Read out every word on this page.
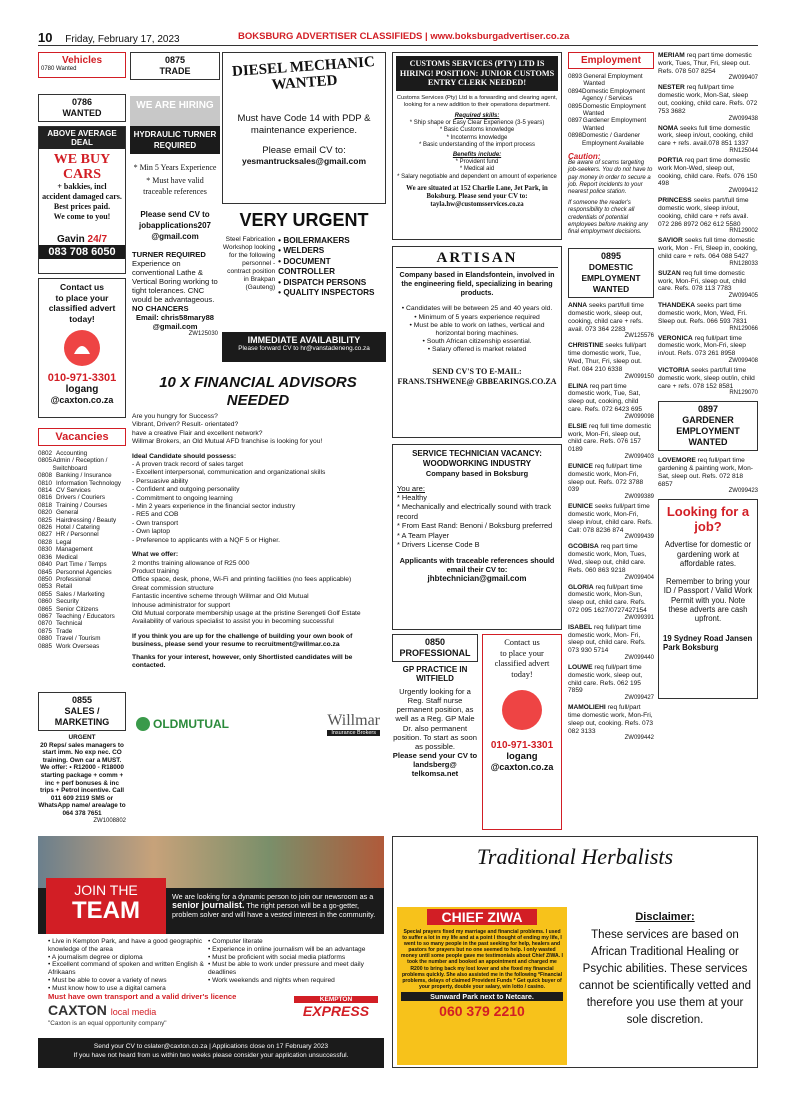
10 Friday, February 17, 2023	BOKSBURG ADVERTISER CLASSIFIEDS | www.boksburgadvertiser.co.za
Vehicles
0780 Wanted
0786
WANTED
ABOVE AVERAGE DEAL
WE BUY CARS
+ bakkies, incl
accident damaged cars.
Best prices paid.
We come to you!
Gavin
24/7
083 708 6050
Contact us
to place your
classified advert
today!
010-971-3301
logang
@caxton.co.za
Vacancies
0802 Accounting
0805 Admin / Reception / Switchboard
0808 Banking / Insurance
0810 Information Technology
0814 CV Services
0816 Drivers / Couriers
0818 Training / Courses
0820 General
0825 Hairdressing / Beauty
0826 Hotel / Catering
0827 HR / Personnel
0828 Legal
0830 Management
0836 Medical
0840 Part Time / Temps
0845 Personnel Agencies
0850 Professional
0853 Retail
0855 Sales / Marketing
0860 Security
0865 Senior Citizens
0867 Teaching / Educators
0870 Technical
0875 Trade
0880 Travel / Tourism
0885 Work Overseas
0855
SALES / MARKETING
URGENT
20 Reps/ sales managers to start imm. No exp nec. CO training. Own car a MUST. We offer: • R12000 - R18000 starting package + comm + inc + perf bonuses & inc trips + Petrol incentive. Call 011 609 2119 SMS or WhatsApp name/ area/age to 064 378 7651
ZW1008802
0875
TRADE
WE ARE HIRING
HYDRAULIC TURNER REQUIRED
* Min 5 Years Experience
* Must have valid traceable references
Please send CV to jobapplications207 @gmail.com
TURNER REQUIRED
Experience on conventional Lathe & Vertical Boring working to tight tolerances. CNC would be advantageous.
NO CHANCERS
Email: chris58mary88 @gmail.com
ZW125030
DIESEL MECHANIC WANTED
Must have Code 14 with PDP & maintenance experience.
Please email CV to:
yesmantrucksales@gmail.com
VERY URGENT
Steel Fabrication Workshop looking for the following personnel - contract position in Brakpan (Gauteng)
• BOILERMAKERS
• WELDERS
• DOCUMENT CONTROLLER
• DISPATCH PERSONS
• QUALITY INSPECTORS
IMMEDIATE AVAILABILITY
Please forward CV to hr@vanstadeneng.co.za
10 X FINANCIAL ADVISORS NEEDED
Are you hungry for Success?
Vibrant, Driven? Result- orientated?
have a creative Flair and excellent network?
Willmar Brokers, an Old Mutual AFD franchise is looking for you!
Ideal Candidate should possess:
- A proven track record of sales target
- Excellent interpersonal, communication and organizational skills
- Persuasive ability
- Confident and outgoing personality
- Commitment to ongoing learning
- Min 2 years experience in the financial sector industry
- RE5 and COB
- Own transport
- Own laptop
- Preference to applicants with a NQF 5 or Higher.
What we offer:
2 months training allowance of R25 000
Product training
Office space, desk, phone, Wi-Fi and printing facilities (no fees applicable)
Great commission structure
Fantastic incentive scheme through Willmar and Old Mutual
Inhouse administrator for support
Old Mutual corporate membership usage at the pristine Serengeti Golf Estate
Availability of various specialist to assist you in becoming successful
If you think you are up for the challenge of building your own book of business, please send your resume to recruitment@willmar.co.za
Thanks for your interest, however, only Shortlisted candidates will be contacted.
OLDMUTUAL	Willmar
Insurance Brokers
CUSTOMS SERVICES (PTY) LTD IS HIRING! POSITION: JUNIOR CUSTOMS ENTRY CLERK NEEDED!
Customs Services (Pty) Ltd is a forwarding and clearing agent, looking for a new addition to their operations department.
Required skills:
* Ship shape or Easy Clear Experience (3-5 years)
* Basic Customs knowledge
* Incoterms knowledge
* Basic understanding of the import process
Benefits include:
* Provident fund
* Medical aid
* Salary negotiable and dependent on amount of experience
We are situated at 152 Charlie Lane, Jet Park, in Boksburg. Please send your CV to: tayla.hw@customsservices.co.za
ARTISAN
Company based in Elandsfontein, involved in the engineering field, specializing in bearing products.
• Candidates will be between 25 and 40 years old.
• Minimum of 5 years experience required
• Must be able to work on lathes, vertical and horizontal boring machines.
• South African citizenship essential.
• Salary offered is market related
SEND CV'S TO E-MAIL: FRANS.TSHWENE@ GBBEARINGS.CO.ZA
SERVICE TECHNICIAN VACANCY: WOODWORKING INDUSTRY
Company based in Boksburg
You are:
* Healthy
* Mechanically and electrically sound with track record
* From East Rand: Benoni / Boksburg preferred
* A Team Player
* Drivers License Code B
Applicants with traceable references should email their CV to:
jhbtechnician@gmail.com
0850
PROFESSIONAL
GP PRACTICE IN WITFIELD
Urgently looking for a Reg. Staff nurse permanent position, as well as a Reg. GP Male Dr. also permanent position. To start as soon as possible.
Please send your CV to
landsberg@ telkomsa.net
Contact us
to place your
classified advert
today!
010-971-3301
logang
@caxton.co.za
Employment
0893 General Employment Wanted
0894 Domestic Employment Agency / Services
0895 Domestic Employment Wanted
0897 Gardener Employment Wanted
0898 Domestic / Gardener Employment Available
Caution:
Be aware of scams targeting job-seekers. You do not have to pay money in order to secure a job. Report incidents to your nearest police station.
If someone the reader's responsibility to check all credentials of potential employees before making any final employment decisions.
0895
DOMESTIC EMPLOYMENT WANTED
ANNA seeks part/full time domestic work, sleep out, cooking, child care + refs. avail. 073 364 2283
ZW125576
CHRISTINE seeks full/part time domestic work, Tue, Wed, Thur, Fri, sleep out. Ref. 084 210 6338
ZW099150
ELINA req part time domestic work, Tue, Sat, sleep out, cooking, child care. Refs. 072 6423 695
ZW099098
ELSIE req full time domestic work, Mon-Fri, sleep out, child care. Refs. 076 157 0189
ZW099403
EUNICE req full/part time domestic work, Mon-Fri, sleep out. Refs. 072 3788 039
ZW099389
EUNICE seeks full/part time domestic work, Mon-Fri, sleep in/out, child care. Refs. Call: 078 8236 874
ZW099439
GCOBISA req part time domestic work, Mon, Tues, Wed, sleep out, child care. Refs. 060 863 9218
ZW099404
GLORIA req full/part time domestic work, Mon-Sun, sleep out, child care. Refs. 072 095 1627/0727427154
ZW099391
ISABEL req full/part time domestic work, Mon- Fri, sleep out, child care. Refs. 073 930 5714
ZW099440
LOUWE req full/part time domestic work, sleep out, child care. Refs. 062 195 7859
ZW099427
MAMOLIEHI req full/part time domestic work, Mon-Fri, sleep out, cooking. Refs. 073 082 3133
ZW099442
MERIAM req part time domestic work, Tues, Thur, Fri, sleep out. Refs. 078 507 8254
ZW099407
NESTER req full/part time domestic work, Mon-Sat, sleep out, cooking, child care. Refs. 072 753 3682
ZW099438
NOMA seeks full time domestic work, sleep in/out, cooking, child care + refs. avail.078 851 1337
RN125044
PORTIA req part time domestic work Mon-Wed, sleep out, cooking, child care. Refs. 076 150 498
ZW099412
PRINCESS seeks part/full time domestic work, sleep in/out, cooking, child care + refs avail. 072 286 8972 062 612 5580
RN129002
SAVIOR seeks full time domestic work, Mon - Fri, Sleep in, cooking, child care + refs. 064 088 5427
RN128033
SUZAN req full time domestic work, Mon-Fri, sleep out, child care. Refs. 078 113 7783
ZW099405
THANDEKA seeks part time domestic work, Mon, Wed, Fri. Sleep out. Refs. 066 593 7831
RN129066
VERONICA req full/part time domestic work, Mon-Fri, sleep in/out. Refs. 073 261 8958
ZW099408
VICTORIA seeks part/full time domestic work, sleep out/in, child care + refs. 078 152 8581
RN129070
0897
GARDENER EMPLOYMENT WANTED
LOVEMORE req full/part time gardening & painting work, Mon-Sat, sleep out. Refs. 072 818 6857
ZW099423
Looking for a job?
Advertise for domestic or gardening work at affordable rates.
Remember to bring your ID / Passport / Valid Work Permit with you. Note these adverts are cash upfront.
19 Sydney Road Jansen Park Boksburg
JOIN THE
TEAM
We are looking for a dynamic person to join our newsroom as a senior journalist. The right person will be a go-getter, problem solver and will have a vested interest in the community.
• Live in Kempton Park, and have a good geographic knowledge of the area
• A journalism degree or diploma
• Excellent command of spoken and written English & Afrikaans
• Must be able to cover a variety of news
• Must know how to use a digital camera
• Computer literate
• Experience in online journalism will be an advantage
• Must be proficient with social media platforms
• Must be able to work under pressure and meet daily deadlines
• Work weekends and nights when required
Must have own transport and a valid driver's licence
CAXTON local media
"Caxton is an equal opportunity company"
KEMPTON
EXPRESS
Send your CV to cslater@caxton.co.za | Applications close on 17 February 2023
If you have not heard from us within two weeks please consider your application unsuccessful.
Traditional Herbalists
CHIEF ZIWA
Special prayers fixed my marriage and financial problems. I used to suffer a lot in my life and at a point I thought of ending my life, I went to so many people in the past seeking for help, healers and pastors for prayers but no one seemed to help. I only wasted money until some people gave me testimonials about Chief ZIWA. I took the number and booked an appointment and charged me R200 to bring back my lost lover and she fixed my financial problems quickly. She also assisted me in the following *Financial problems, delays of claimed Provident Funds * Get quick buyer of your property, double your salary, win lotto / casino.
Sunward Park next to Netcare.
060 379 2210
Disclaimer:
These services are based on African Traditional Healing or Psychic abilities. These services cannot be scientifically vetted and therefore you use them at your sole discretion.
